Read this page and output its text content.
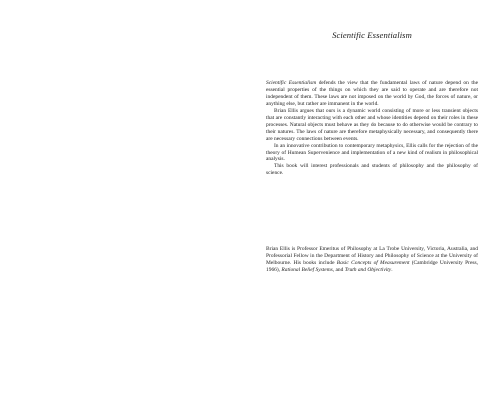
Scientific Essentialism

Scientific Essentialism defends the view that the fundamental laws of nature depend on the essential properties of the things on which they are said to operate and are therefore not independent of them. These laws are not imposed on the world by God, the forces of nature, or anything else, but rather are immanent in the world.

Brian Ellis argues that ours is a dynamic world consisting of more or less transient objects that are constantly interacting with each other and whose identities depend on their roles in these processes. Natural objects must behave as they do because to do otherwise would be contrary to their natures. The laws of nature are therefore metaphysically necessary, and consequently there are necessary connections between events.

In an innovative contribution to contemporary metaphysics, Ellis calls for the rejection of the theory of Humean Supervenience and implementation of a new kind of realism in philosophical analysis.

This book will interest professionals and students of philosophy and the philosophy of science.

Brian Ellis is Professor Emeritus of Philosophy at La Trobe University, Victoria, Australia, and Professorial Fellow in the Department of History and Philosophy of Science at the University of Melbourne. His books include Basic Concepts of Measurement (Cambridge University Press, 1966), Rational Belief Systems, and Truth and Objectivity.
